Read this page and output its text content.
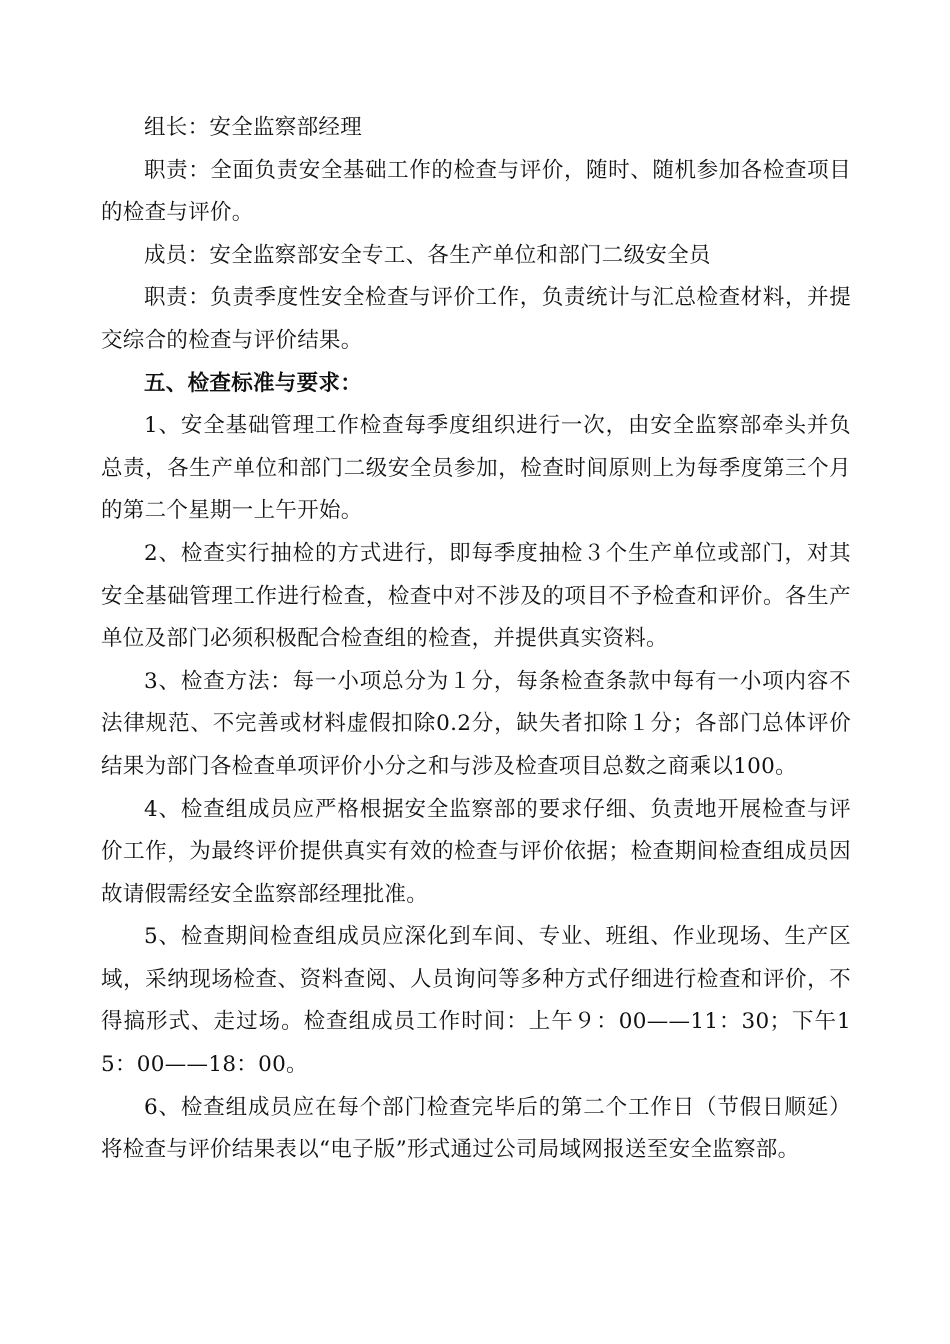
组长：安全监察部经理

职责：全面负责安全基础工作的检查与评价，随时、随机参加各检查项目的检查与评价。

成员：安全监察部安全专工、各生产单位和部门二级安全员

职责：负责季度性安全检查与评价工作，负责统计与汇总检查材料，并提交综合的检查与评价结果。

五、检查标准与要求：

1、安全基础管理工作检查每季度组织进行一次，由安全监察部牵头并负总责，各生产单位和部门二级安全员参加，检查时间原则上为每季度第三个月的第二个星期一上午开始。

2、检查实行抽检的方式进行，即每季度抽检３个生产单位或部门，对其安全基础管理工作进行检查，检查中对不涉及的项目不予检查和评价。各生产单位及部门必须积极配合检查组的检查，并提供真实资料。

3、检查方法：每一小项总分为１分，每条检查条款中每有一小项内容不法律规范、不完善或材料虚假扣除0.2分，缺失者扣除１分；各部门总体评价结果为部门各检查单项评价小分之和与涉及检查项目总数之商乘以100。

4、检查组成员应严格根据安全监察部的要求仔细、负责地开展检查与评价工作，为最终评价提供真实有效的检查与评价依据；检查期间检查组成员因故请假需经安全监察部经理批准。

5、检查期间检查组成员应深化到车间、专业、班组、作业现场、生产区域，采纳现场检查、资料查阅、人员询问等多种方式仔细进行检查和评价，不得搞形式、走过场。检查组成员工作时间：上午９：00——11：30；下午15：00——18：00。

6、检查组成员应在每个部门检查完毕后的第二个工作日（节假日顺延）将检查与评价结果表以“电子版”形式通过公司局域网报送至安全监察部。
